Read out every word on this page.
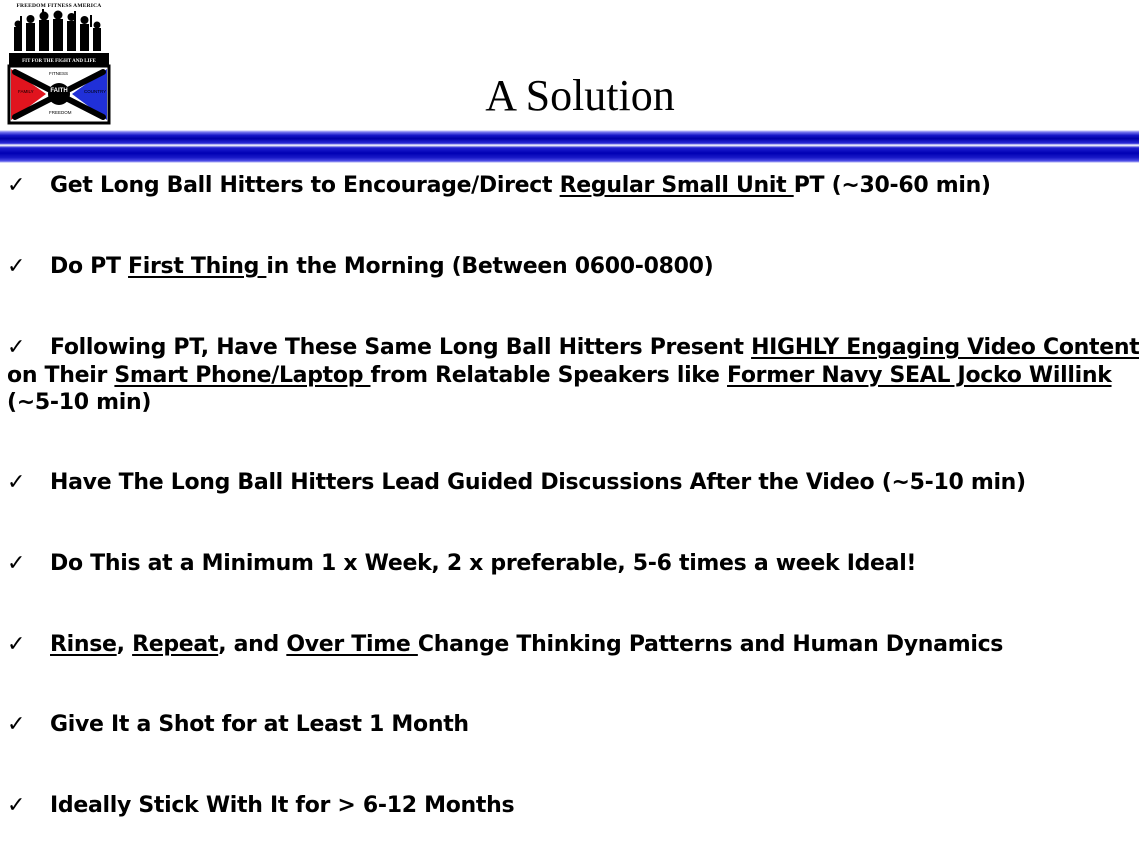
FREEDOM FITNESS AMERICA
FIT FOR THE FIGHT AND LIFE
FITNESS
FREEDOM
FAMILY	COUNTRY
FAITH	A Solution
✓ Get Long Ball Hitters to Encourage/Direct Regular Small Unit PT (~30-60 min)
✓ Do PT First Thing in the Morning (Between 0600-0800)
✓ Following PT, Have These Same Long Ball Hitters Present HIGHLY Engaging Video Content
on Their Smart Phone/Laptop from Relatable Speakers like Former Navy SEAL Jocko Willink
(~5-10 min)
✓ Have The Long Ball Hitters Lead Guided Discussions After the Video (~5-10 min)
✓ Do This at a Minimum 1 x Week, 2 x preferable, 5-6 times a week Ideal!
✓ Rinse, Repeat, and Over Time Change Thinking Patterns and Human Dynamics
✓ Give It a Shot for at Least 1 Month
✓ Ideally Stick With It for > 6-12 Months
